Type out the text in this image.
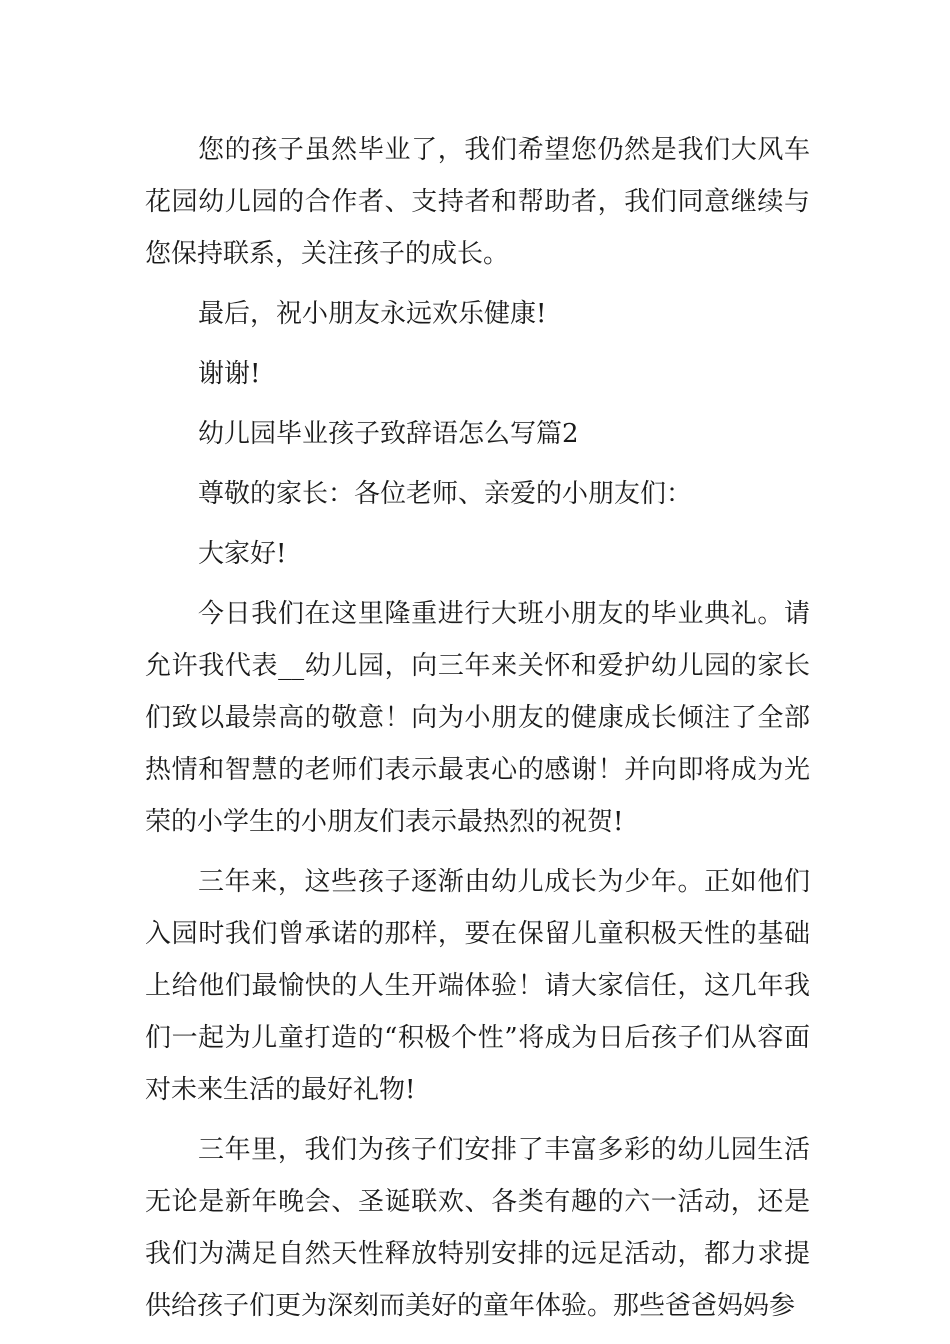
您的孩子虽然毕业了，我们希望您仍然是我们大风车花园幼儿园的合作者、支持者和帮助者，我们同意继续与您保持联系，关注孩子的成长。

最后，祝小朋友永远欢乐健康!

谢谢!

幼儿园毕业孩子致辞语怎么写篇2

尊敬的家长：各位老师、亲爱的小朋友们：

大家好!

今日我们在这里隆重进行大班小朋友的毕业典礼。请允许我代表__幼儿园，向三年来关怀和爱护幼儿园的家长们致以最崇高的敬意！向为小朋友的健康成长倾注了全部热情和智慧的老师们表示最衷心的感谢！并向即将成为光荣的小学生的小朋友们表示最热烈的祝贺!

三年来，这些孩子逐渐由幼儿成长为少年。正如他们入园时我们曾承诺的那样，要在保留儿童积极天性的基础上给他们最愉快的人生开端体验！请大家信任，这几年我们一起为儿童打造的“积极个性”将成为日后孩子们从容面对未来生活的最好礼物!

三年里，我们为孩子们安排了丰富多彩的幼儿园生活无论是新年晚会、圣诞联欢、各类有趣的六一活动，还是我们为满足自然天性释放特别安排的远足活动，都力求提供给孩子们更为深刻而美好的童年体验。那些爸爸妈妈参
